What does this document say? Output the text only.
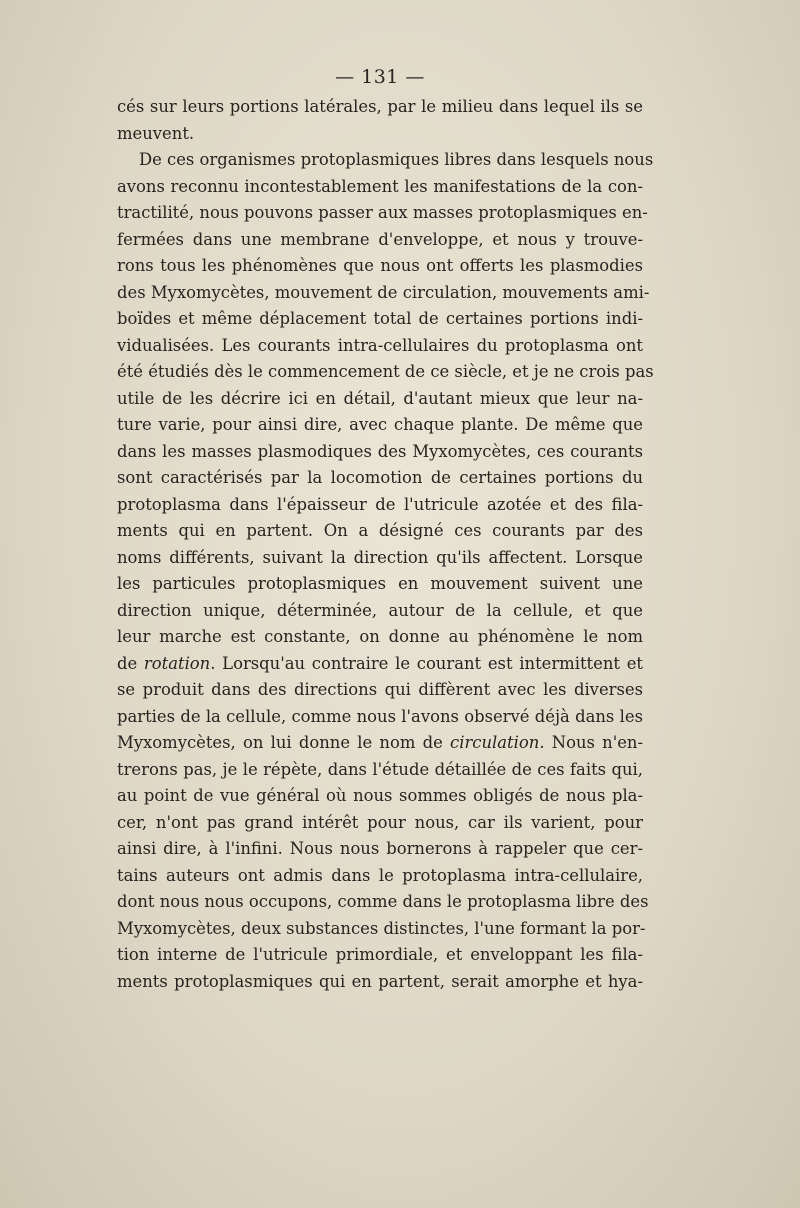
— 131 —
cés sur leurs portions latérales, par le milieu dans lequel ils se
meuvent.
De ces organismes protoplasmiques libres dans lesquels nous
avons reconnu incontestablement les manifestations de la con-
tractilité, nous pouvons passer aux masses protoplasmiques en-
fermées dans une membrane d'enveloppe, et nous y trouve-
rons tous les phénomènes que nous ont offerts les plasmodies
des Myxomycètes, mouvement de circulation, mouvements ami-
boïdes et même déplacement total de certaines portions indi-
vidualisées. Les courants intra-cellulaires du protoplasma ont
été étudiés dès le commencement de ce siècle, et je ne crois pas
utile de les décrire ici en détail, d'autant mieux que leur na-
ture varie, pour ainsi dire, avec chaque plante. De même que
dans les masses plasmodiques des Myxomycètes, ces courants
sont caractérisés par la locomotion de certaines portions du
protoplasma dans l'épaisseur de l'utricule azotée et des fila-
ments qui en partent. On a désigné ces courants par des
noms différents, suivant la direction qu'ils affectent. Lorsque
les particules protoplasmiques en mouvement suivent une
direction unique, déterminée, autour de la cellule, et que
leur marche est constante, on donne au phénomène le nom
de rotation. Lorsqu'au contraire le courant est intermittent et
se produit dans des directions qui diffèrent avec les diverses
parties de la cellule, comme nous l'avons observé déjà dans les
Myxomycètes, on lui donne le nom de circulation. Nous n'en-
trerons pas, je le répète, dans l'étude détaillée de ces faits qui,
au point de vue général où nous sommes obligés de nous pla-
cer, n'ont pas grand intérêt pour nous, car ils varient, pour
ainsi dire, à l'infini. Nous nous bornerons à rappeler que cer-
tains auteurs ont admis dans le protoplasma intra-cellulaire,
dont nous nous occupons, comme dans le protoplasma libre des
Myxomycètes, deux substances distinctes, l'une formant la por-
tion interne de l'utricule primordiale, et enveloppant les fila-
ments protoplasmiques qui en partent, serait amorphe et hya-
